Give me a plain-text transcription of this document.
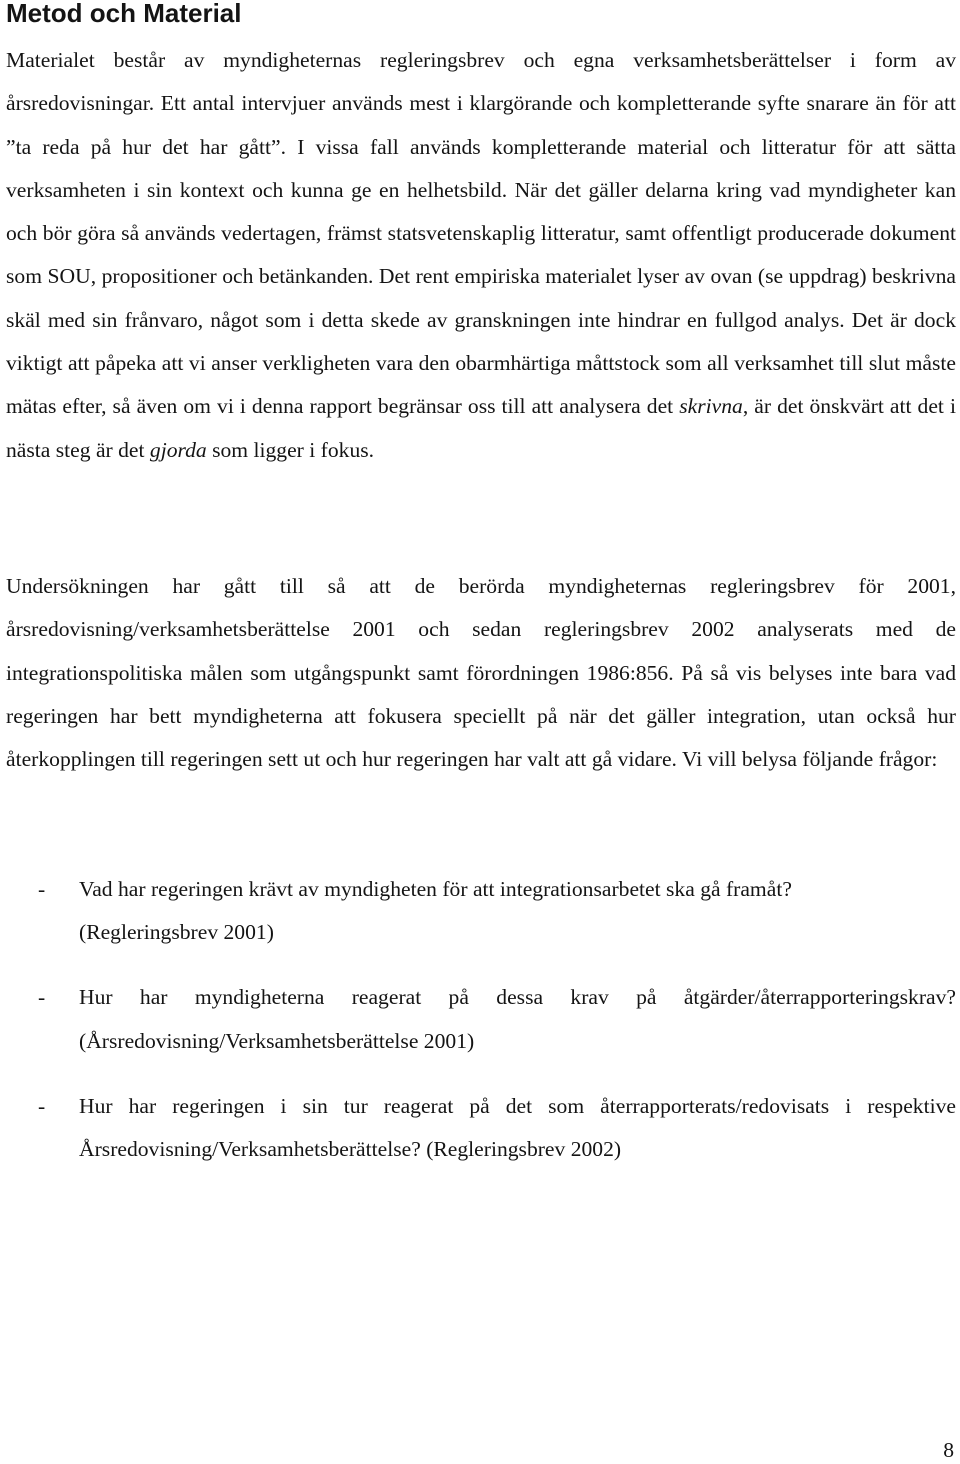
Metod och Material

Materialet består av myndigheternas regleringsbrev och egna verksamhetsberättelser i form av årsredovisningar. Ett antal intervjuer används mest i klargörande och kompletterande syfte snarare än för att ”ta reda på hur det har gått”. I vissa fall används kompletterande material och litteratur för att sätta verksamheten i sin kontext och kunna ge en helhetsbild. När det gäller delarna kring vad myndigheter kan och bör göra så används vedertagen, främst statsvetenskaplig litteratur, samt offentligt producerade dokument som SOU, propositioner och betänkanden. Det rent empiriska materialet lyser av ovan (se uppdrag) beskrivna skäl med sin frånvaro, något som i detta skede av granskningen inte hindrar en fullgod analys. Det är dock viktigt att påpeka att vi anser verkligheten vara den obarmhärtiga måttstock som all verksamhet till slut måste mätas efter, så även om vi i denna rapport begränsar oss till att analysera det skrivna, är det önskvärt att det i nästa steg är det gjorda som ligger i fokus.

Undersökningen har gått till så att de berörda myndigheternas regleringsbrev för 2001, årsredovisning/verksamhetsberättelse 2001 och sedan regleringsbrev 2002 analyserats med de integrationspolitiska målen som utgångspunkt samt förordningen 1986:856. På så vis belyses inte bara vad regeringen har bett myndigheterna att fokusera speciellt på när det gäller integration, utan också hur återkopplingen till regeringen sett ut och hur regeringen har valt att gå vidare. Vi vill belysa följande frågor:

- Vad har regeringen krävt av myndigheten för att integrationsarbetet ska gå framåt?
(Regleringsbrev 2001)
- Hur har myndigheterna reagerat på dessa krav på åtgärder/återrapporteringskrav?
(Årsredovisning/Verksamhetsberättelse 2001)
- Hur har regeringen i sin tur reagerat på det som återrapporterats/redovisats i respektive
Årsredovisning/Verksamhetsberättelse? (Regleringsbrev 2002)
8
